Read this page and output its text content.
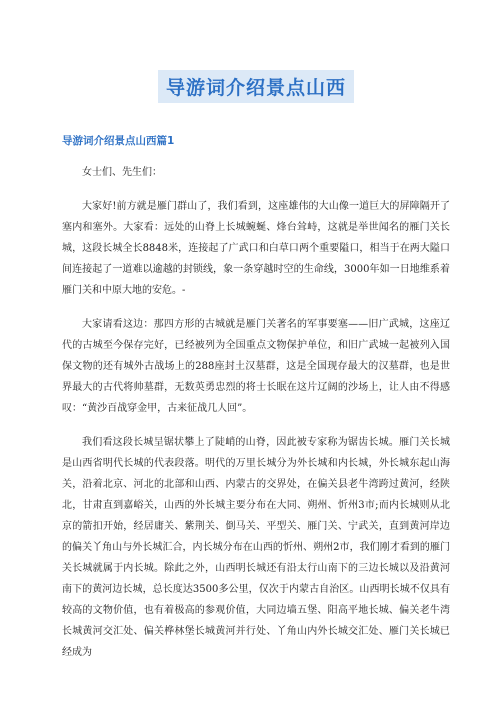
导游词介绍景点山西
导游词介绍景点山西篇1

女士们、先生们：

大家好!前方就是雁门群山了，我们看到，这座雄伟的大山像一道巨大的屏障隔开了塞内和塞外。大家看：远处的山脊上长城蜿蜒、烽台耸峙，这就是举世闻名的雁门关长城，这段长城全长8848米，连接起了广武口和白草口两个重要隘口，相当于在两大隘口间连接起了一道难以逾越的封锁线，象一条穿越时空的生命线，3000年如一日地维系着雁门关和中原大地的安危。-

大家请看这边：那四方形的古城就是雁门关著名的军事要塞——旧广武城，这座辽代的古城至今保存完好，已经被列为全国重点文物保护单位，和旧广武城一起被列入国保文物的还有城外古战场上的288座封土汉墓群，这是全国现存最大的汉墓群，也是世界最大的古代将帅墓群，无数英勇忠烈的将士长眠在这片辽阔的沙场上，让人由不得感叹：“黄沙百战穿金甲，古来征战几人回”。

我们看这段长城呈锯状攀上了陡峭的山脊，因此被专家称为锯齿长城。雁门关长城是山西省明代长城的代表段落。明代的万里长城分为外长城和内长城，外长城东起山海关，沿着北京、河北的北部和山西、内蒙古的交界处，在偏关县老牛湾跨过黄河，经陕北，甘肃直到嘉峪关，山西的外长城主要分布在大同、朔州、忻州3市;而内长城则从北京的箭扣开始，经居庸关、紫荆关、倒马关、平型关、雁门关、宁武关，直到黄河岸边的偏关丫角山与外长城汇合，内长城分布在山西的忻州、朔州2市，我们刚才看到的雁门关长城就属于内长城。除此之外，山西明长城还有沿太行山南下的三边长城以及沿黄河南下的黄河边长城，总长度达3500多公里，仅次于内蒙古自治区。山西明长城不仅具有较高的文物价值，也有着极高的参观价值，大同边墙五堡、阳高平地长城、偏关老牛湾长城黄河交汇处、偏关桦林堡长城黄河并行处、丫角山内外长城交汇处、雁门关长城已经成为
